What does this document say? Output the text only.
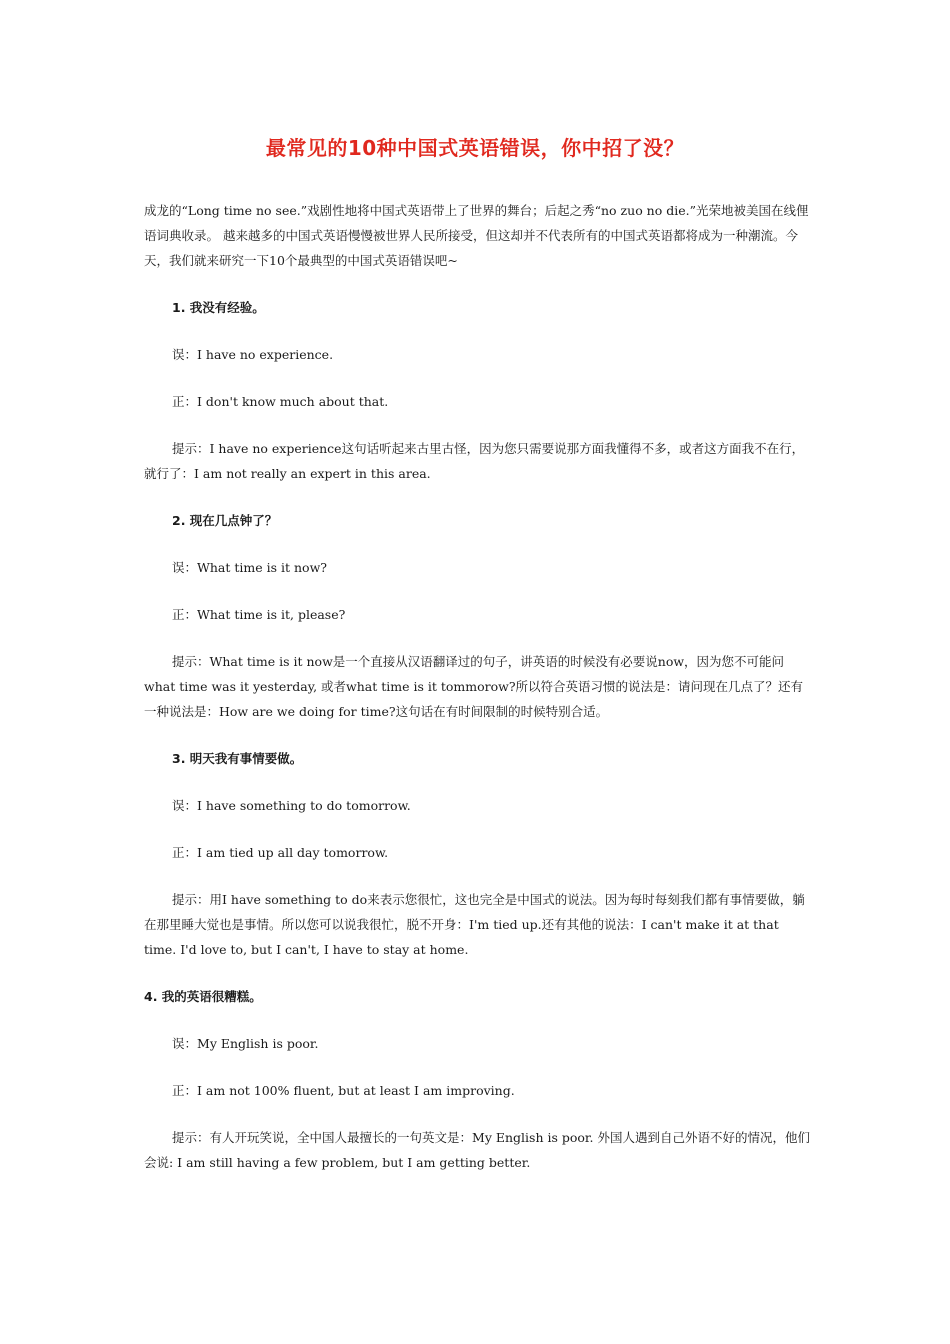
最常见的10种中国式英语错误，你中招了没？

成龙的“Long time no see.”戏剧性地将中国式英语带上了世界的舞台；后起之秀“no zuo no die.”光荣地被美国在线俚语词典收录。 越来越多的中国式英语慢慢被世界人民所接受，但这却并不代表所有的中国式英语都将成为一种潮流。今天，我们就来研究一下10个最典型的中国式英语错误吧~

1. 我没有经验。

误：I have no experience.

正：I don't know much about that.

提示：I have no experience这句话听起来古里古怪，因为您只需要说那方面我懂得不多，或者这方面我不在行，就行了：I am not really an expert in this area.

2. 现在几点钟了？

误：What time is it now?

正：What time is it, please?

提示：What time is it now是一个直接从汉语翻译过的句子，讲英语的时候没有必要说now，因为您不可能问what time was it yesterday, 或者what time is it tommorow?所以符合英语习惯的说法是：请问现在几点了？还有一种说法是：How are we doing for time?这句话在有时间限制的时候特别合适。

3. 明天我有事情要做。

误：I have something to do tomorrow.

正：I am tied up all day tomorrow.

提示：用I have something to do来表示您很忙，这也完全是中国式的说法。因为每时每刻我们都有事情要做，躺在那里睡大觉也是事情。所以您可以说我很忙，脱不开身：I'm tied up.还有其他的说法：I can't make it at that time. I'd love to, but I can't, I have to stay at home.

4. 我的英语很糟糕。

误：My English is poor.

正：I am not 100% fluent, but at least I am improving.

提示：有人开玩笑说，全中国人最擅长的一句英文是：My English is poor. 外国人遇到自己外语不好的情况，他们会说: I am still having a few problem, but I am getting better.
